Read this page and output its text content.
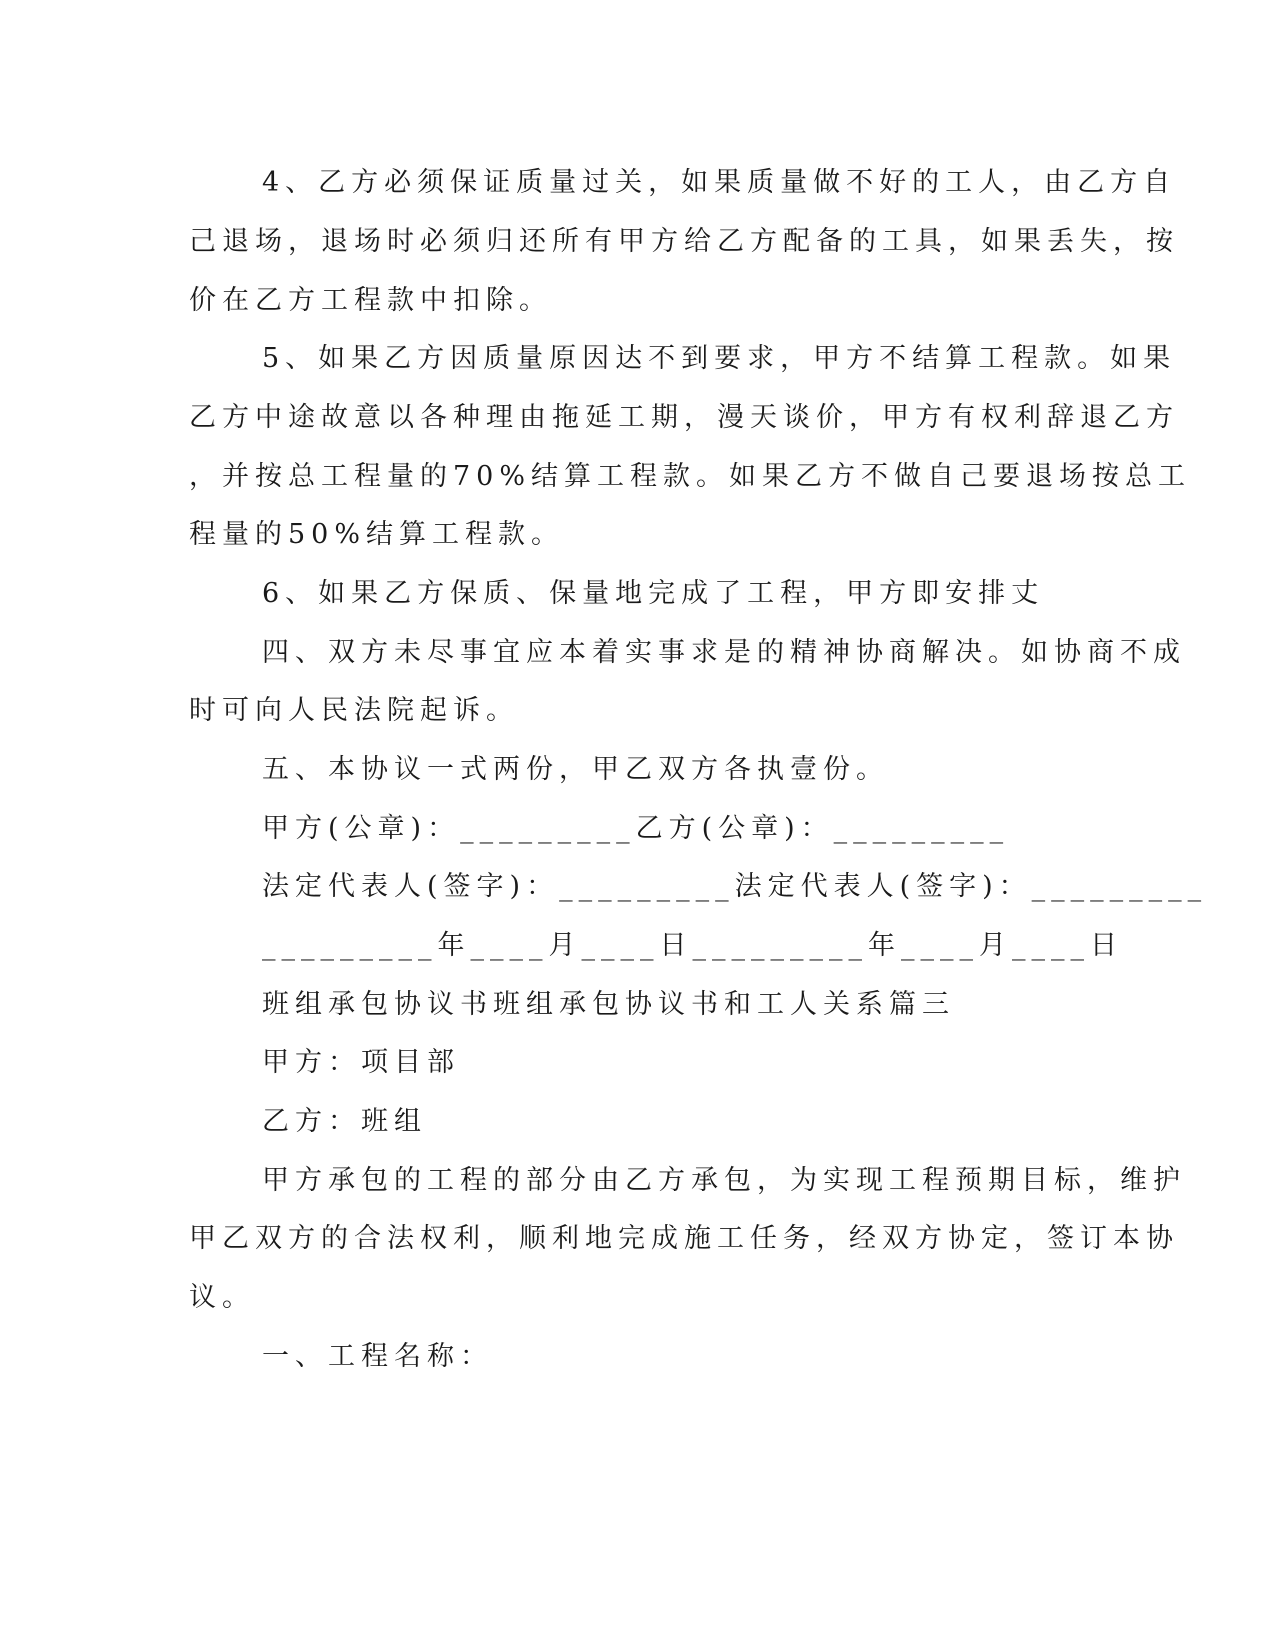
4、乙方必须保证质量过关，如果质量做不好的工人，由乙方自
己退场，退场时必须归还所有甲方给乙方配备的工具，如果丢失，按
价在乙方工程款中扣除。
5、如果乙方因质量原因达不到要求，甲方不结算工程款。如果
乙方中途故意以各种理由拖延工期，漫天谈价，甲方有权利辞退乙方
，并按总工程量的70%结算工程款。如果乙方不做自己要退场按总工
程量的50%结算工程款。
6、如果乙方保质、保量地完成了工程，甲方即安排丈
四、双方未尽事宜应本着实事求是的精神协商解决。如协商不成
时可向人民法院起诉。
五、本协议一式两份，甲乙双方各执壹份。
甲方(公章)：_________乙方(公章)：_________
法定代表人(签字)：_________法定代表人(签字)：_________
_________年____月____日_________年____月____日
班组承包协议书班组承包协议书和工人关系篇三
甲方：项目部
乙方：班组
甲方承包的工程的部分由乙方承包，为实现工程预期目标，维护
甲乙双方的合法权利，顺利地完成施工任务，经双方协定，签订本协
议。
一、工程名称：
